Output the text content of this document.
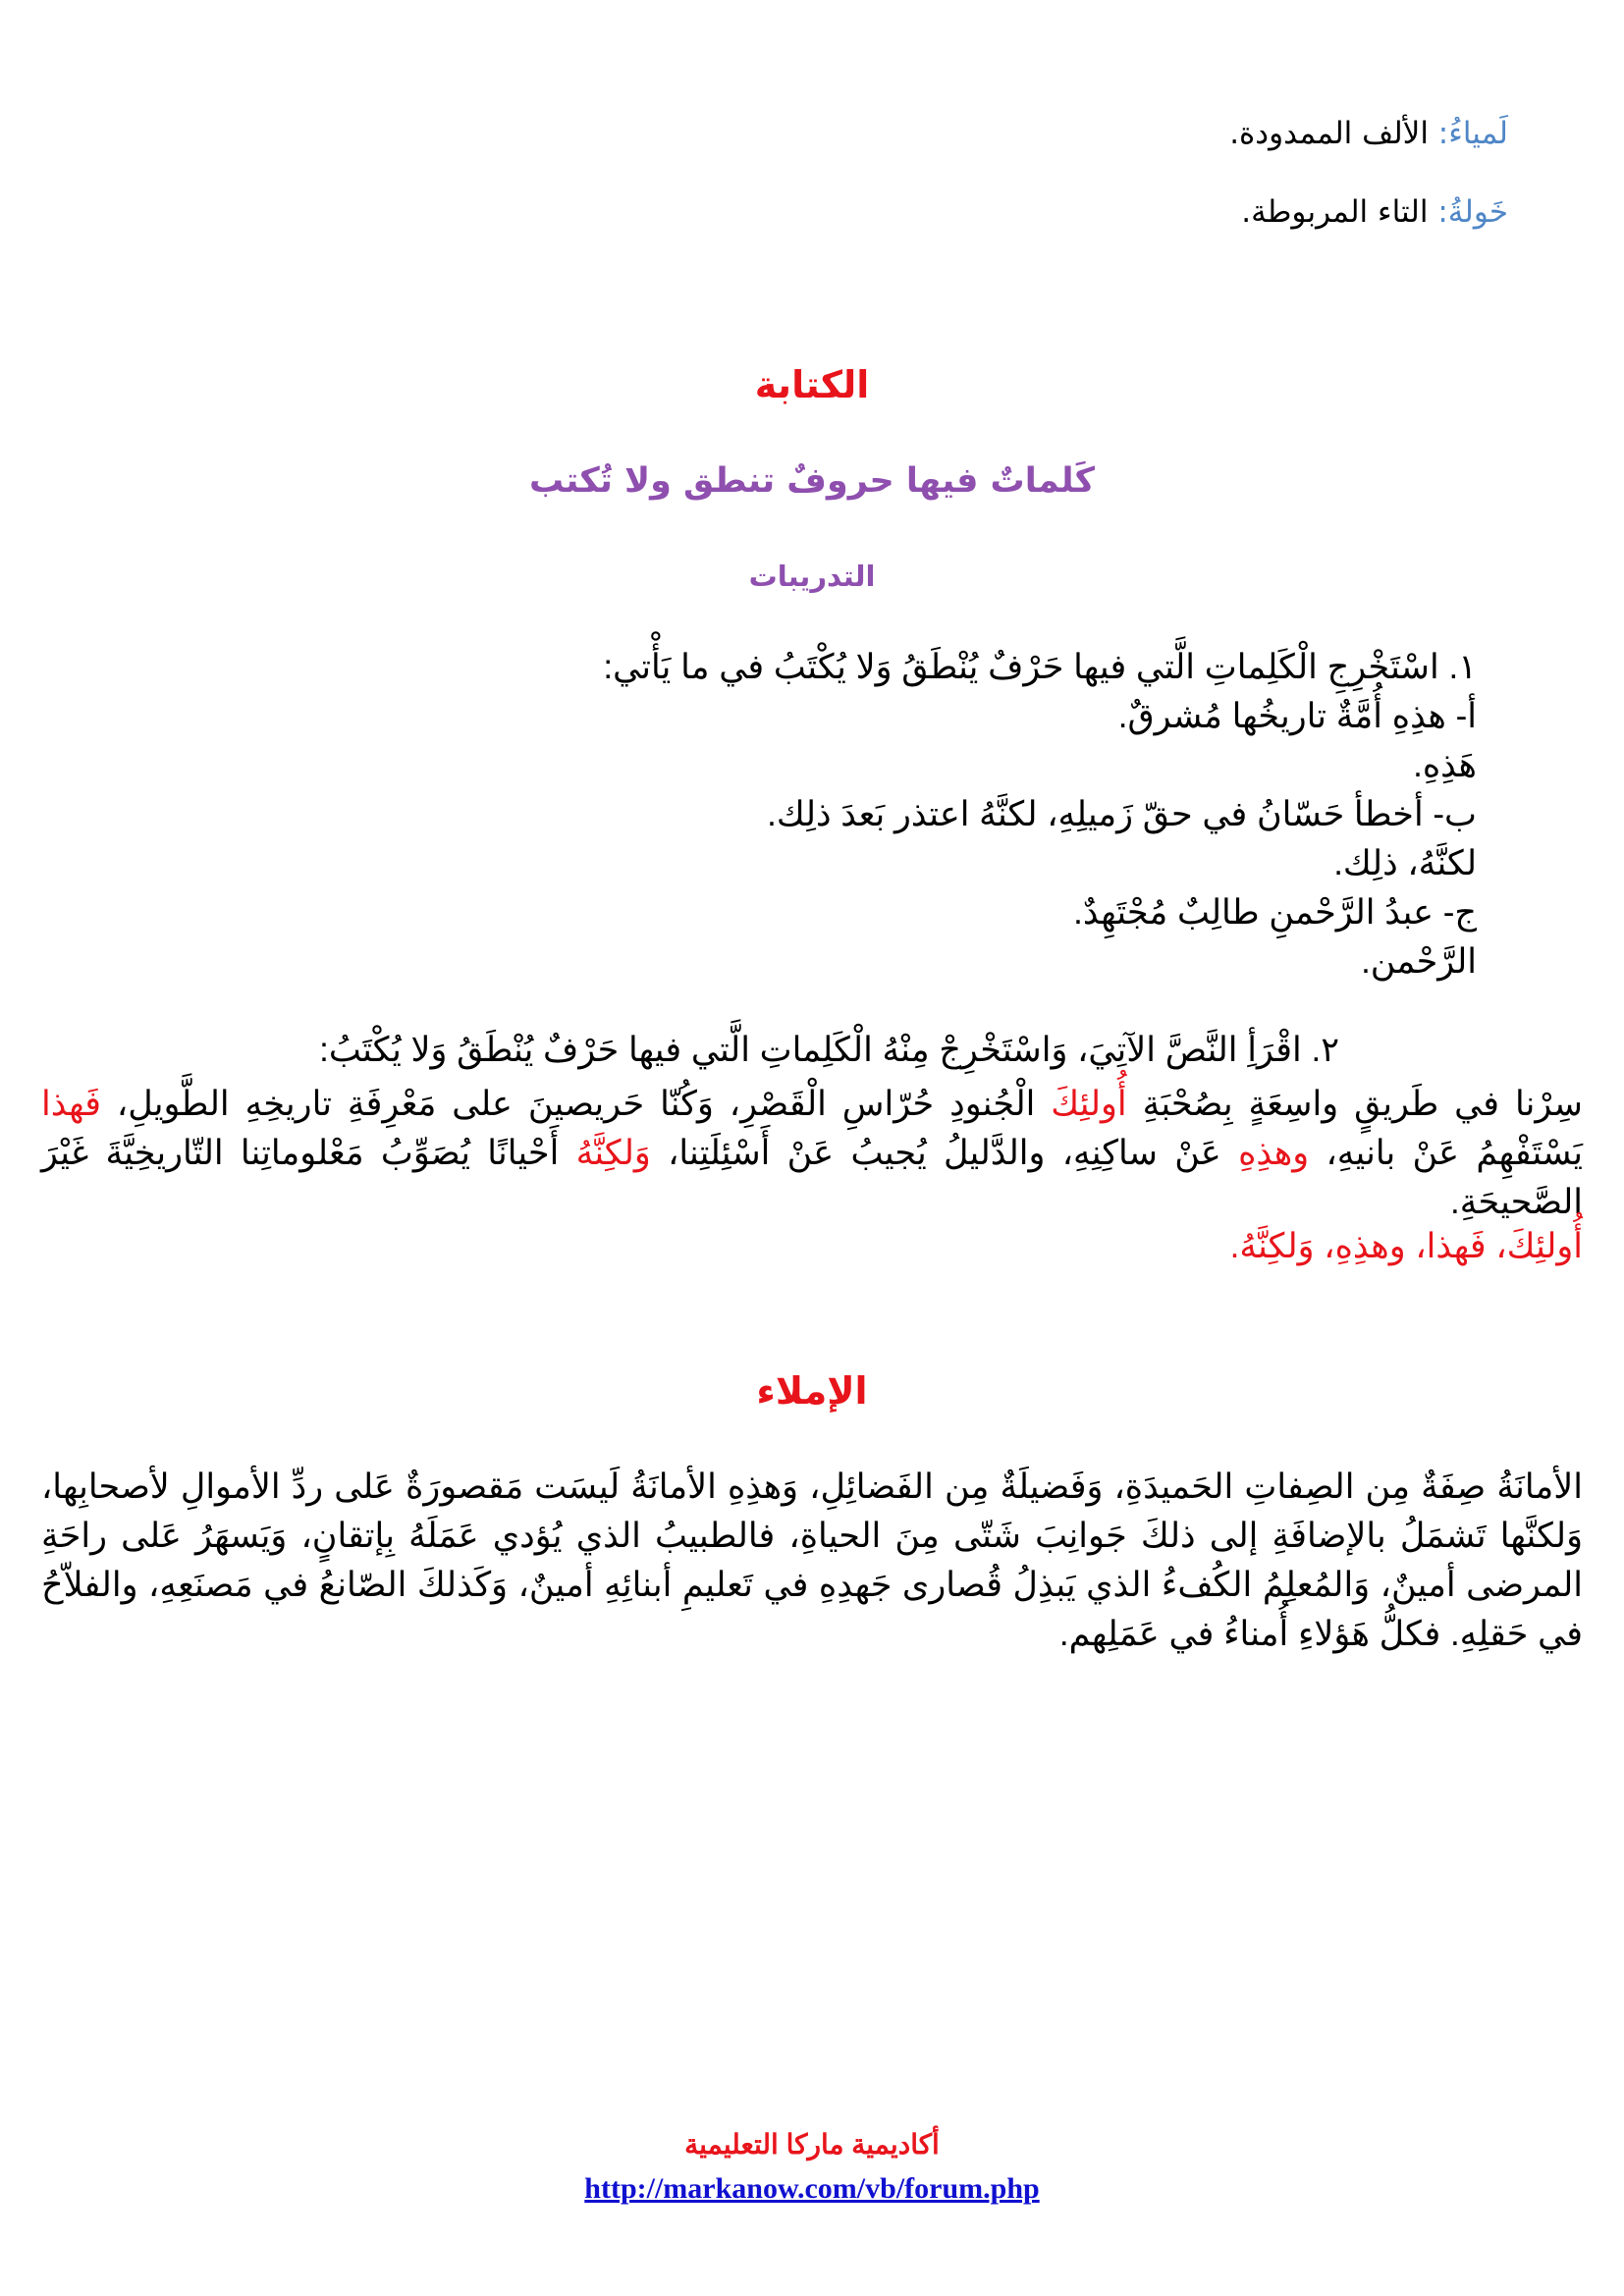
لَمياءُ: الألف الممدودة.
خَولةُ: التاء المربوطة.
الكتابة
كَلماتٌ فيها حروفٌ تنطق ولا تُكتب
التدريبات
١. اسْتَخْرِجِ الْكَلِماتِ الَّتي فيها حَرْفٌ يُنْطَقُ وَلا يُكْتَبُ في ما يَأْتي:
أ- هذِهِ أُمَّةٌ تاريخُها مُشرقٌ.
هَذِهِ.
ب- أخطأ حَسّانُ في حقّ زَميلِهِ، لكنَّهُ اعتذر بَعدَ ذلِك.
لكنَّهُ، ذلِك.
ج- عبدُ الرَّحْمنِ طالِبٌ مُجْتَهِدٌ.
الرَّحْمن.
٢. اقْرَأِ النَّصَّ الآتِيَ، وَاسْتَخْرِجْ مِنْهُ الْكَلِماتِ الَّتي فيها حَرْفٌ يُنْطَقُ وَلا يُكْتَبُ:
سِرْنا في طَريقٍ واسِعَةٍ بِصُحْبَةِ أُولئِكَ الْجُنودِ حُرّاسِ الْقَصْرِ، وَكُنّا حَريصينَ على مَعْرِفَةِ تاريخِهِ الطَّويلِ، فَهذا يَسْتَفْهِمُ عَنْ بانيهِ، وهذِهِ عَنْ ساكِنِهِ، والدَّليلُ يُجيبُ عَنْ أَسْئِلَتِنا، وَلكِنَّهُ أَحْيانًا يُصَوِّبُ مَعْلوماتِنا التّاريخِيَّةَ غَيْرَ الصَّحيحَةِ.
أُولئِكَ، فَهذا، وهذِهِ، وَلكِنَّهُ.
الإملاء
الأمانَةُ صِفَةٌ مِن الصِفاتِ الحَميدَةِ، وَفَضيلَةٌ مِن الفَضائِلِ، وَهذِهِ الأمانَةُ لَيسَت مَقصورَةٌ عَلى ردِّ الأموالِ لأصحابِها، وَلكنَّها تَشمَلُ بالإضافَةِ إلى ذلكَ جَوانِبَ شَتّى مِنَ الحياةِ، فالطبيبُ الذي يُؤدي عَمَلَهُ بِإتقانٍ، وَيَسهَرُ عَلى راحَةِ المرضى أمينٌ، وَالمُعلِمُ الكُفءُ الذي يَبذِلُ قُصارى جَهدِهِ في تَعليمِ أبنائِهِ أمينٌ، وَكَذلكَ الصّانعُ في مَصنَعِهِ، والفلاّحُ في حَقلِهِ. فكلُّ هَؤلاءِ أُمناءُ في عَمَلِهم.
أكاديمية ماركا التعليمية
http://markanow.com/vb/forum.php
